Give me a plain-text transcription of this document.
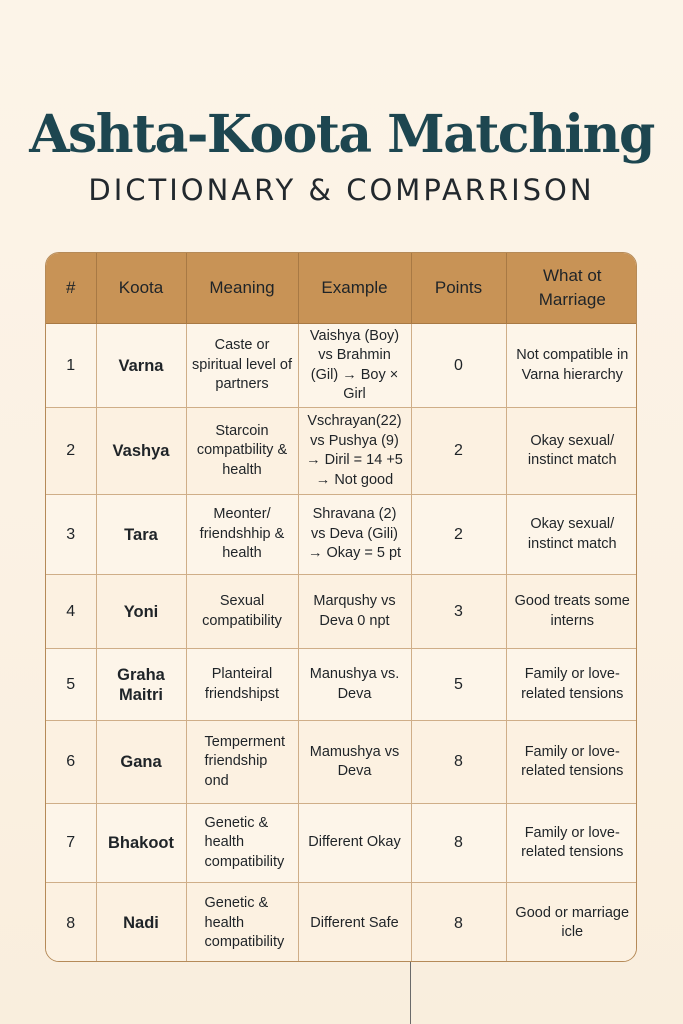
Ashta-Koota Matching
DICTIONARY & COMPARRISON
#	Koota	Meaning	Example	Points	What ot Marriage
1	Varna	Caste or spiritual level of partners	Vaishya (Boy) vs Brahmin (Gil) → Boy × Girl	0	Not compatible in Varna hierarchy
2	Vashya	Starcoin compatbility & health	Vschrayan(22) vs Pushya (9) → Diril = 14 +5 → Not good	2	Okay sexual/ instinct match
3	Tara	Meonter/ friendshhip & health	Shravana (2) vs Deva (Gili) → Okay = 5 pt	2	Okay sexual/ instinct match
4	Yoni	Sexual compatibility	Marqushy vs Deva 0 npt	3	Good treats some interns
5	Graha Maitri	Planteiral friendshipst	Manushya vs. Deva	5	Family or love-related tensions
6	Gana	Temperment friendship ond	Mamushya vs Deva	8	Family or love-related tensions
7	Bhakoot	Genetic & health compatibility	Different Okay	8	Family or love-related tensions
8	Nadi	Genetic & health compatibility	Different Safe	8	Good or marriage icle
